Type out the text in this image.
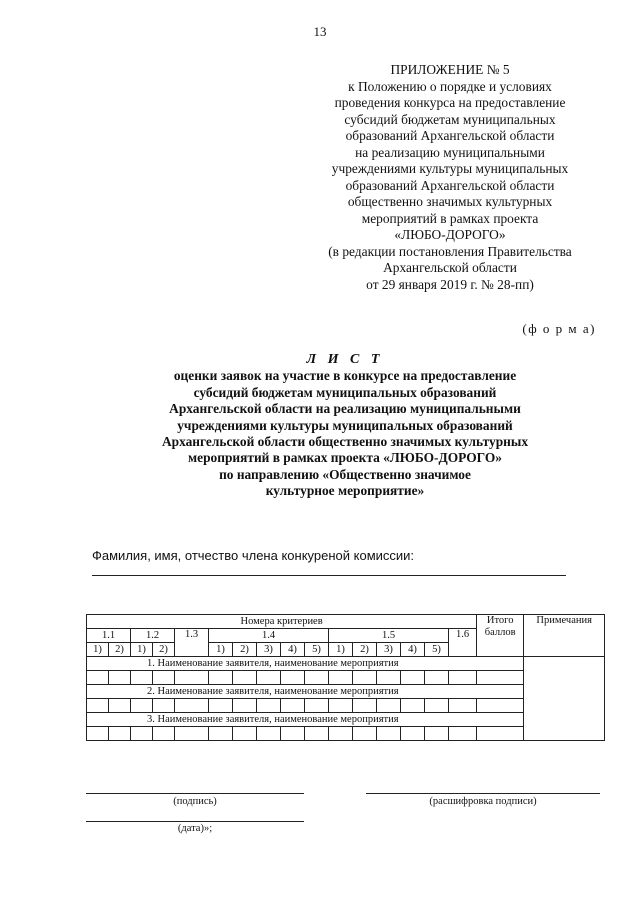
13
ПРИЛОЖЕНИЕ № 5
к Положению о порядке и условиях
проведения конкурса на предоставление
субсидий бюджетам муниципальных
образований Архангельской области
на реализацию муниципальными
учреждениями культуры муниципальных
образований Архангельской области
общественно значимых культурных
мероприятий в рамках проекта
«ЛЮБО-ДОРОГО»
(в редакции постановления Правительства
Архангельской области
от 29 января 2019 г. № 28-пп)
(ф о р м а)
Л И С Т
оценки заявок на участие в конкурсе на предоставление
субсидий бюджетам муниципальных образований
Архангельской области на реализацию муниципальными
учреждениями культуры муниципальных образований
Архангельской области общественно значимых культурных
мероприятий в рамках проекта «ЛЮБО-ДОРОГО»
по направлению «Общественно значимое
культурное мероприятие»
Фамилия, имя, отчество члена конкуреной комиссии:
Номера критериев																Итого баллов	Примечания
1.1		1.2		1.3	1.4					1.5					1.6		
1)	2)	1)	2)		1)	2)	3)	4)	5)	1)	2)	3)	4)	5)			
1. Наименование заявителя, наименование мероприятия																	

2. Наименование заявителя, наименование мероприятия																	

3. Наименование заявителя, наименование мероприятия																	

(подпись)	(расшифровка подписи)
(дата)»;
